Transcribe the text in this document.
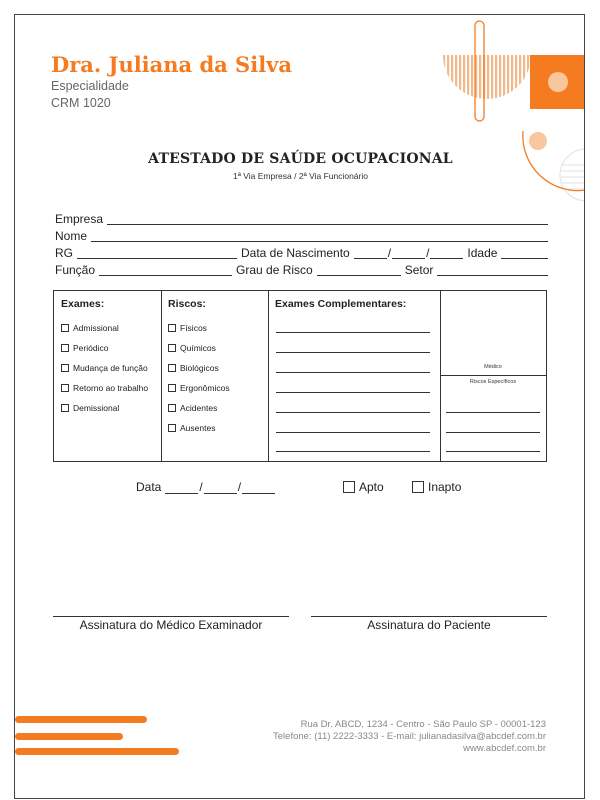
Dra. Juliana da Silva
Especialidade
CRM 1020
ATESTADO DE SAÚDE OCUPACIONAL
1ª Via Empresa / 2ª Via Funcionário
Empresa
Nome
RG	Data de Nascimento	/	/	Idade
Função	Grau de Risco	Setor
Exames:
Admissional
Periódico
Mudança de função
Retorno ao trabalho
Demissional
Riscos:
Físicos
Químicos
Biológicos
Ergonômicos
Acidentes
Ausentes
Exames Complementares:
Médico
Riscos Específicos
Data	/	/	Apto	Inapto
Assinatura do Médico Examinador	Assinatura do Paciente
Rua Dr. ABCD, 1234 - Centro - São Paulo SP - 00001-123
Telefone: (11) 2222-3333 - E-mail: julianadasilva@abcdef.com.br
www.abcdef.com.br
